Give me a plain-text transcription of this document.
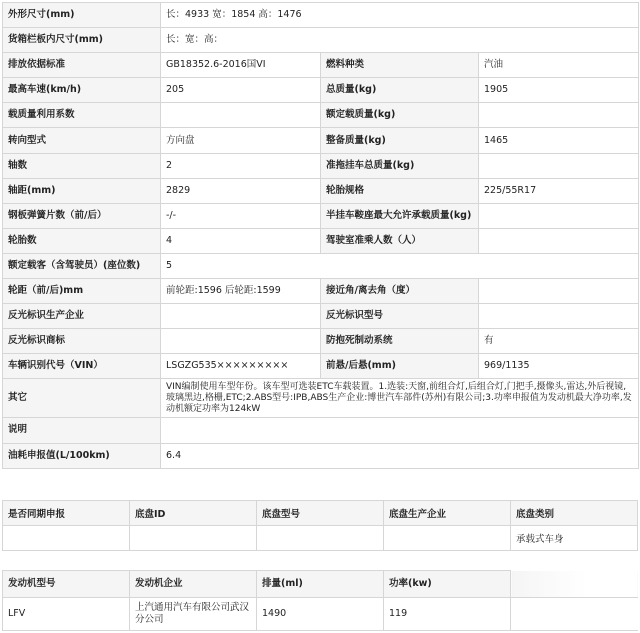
外形尺寸(mm)	长：4933 宽：1854 高：1476		
货箱栏板内尺寸(mm)	长：宽：高：		
排放依据标准	GB18352.6-2016国VI	燃料种类	汽油
最高车速(km/h)	205	总质量(kg)	1905
载质量利用系数		额定载质量(kg)	
转向型式	方向盘	整备质量(kg)	1465
轴数	2	准拖挂车总质量(kg)	
轴距(mm)	2829	轮胎规格	225/55R17
钢板弹簧片数（前/后）	-/-	半挂车鞍座最大允许承载质量(kg)	
轮胎数	4	驾驶室准乘人数（人）	
额定载客（含驾驶员）(座位数)	5		
轮距（前/后)mm	前轮距:1596 后轮距:1599	接近角/离去角（度）	
反光标识生产企业		反光标识型号	
反光标识商标		防抱死制动系统	有
车辆识别代号（VIN）	LSGZG535×××××××××	前悬/后悬(mm)	969/1135
其它	VIN编制使用车型年份。该车型可选装ETC车载装置。1.选装:天窗,前组合灯,后组合灯,门把手,摄像头,雷达,外后视镜,玻璃黑边,格栅,ETC;2.ABS型号:IPB,ABS生产企业:博世汽车部件(苏州)有限公司;3.功率申报值为发动机最大净功率,发动机额定功率为124kW		
说明			
油耗申报值(L/100km)	6.4		
是否同期申报	底盘ID	底盘型号	底盘生产企业	底盘类别
				承载式车身
发动机型号	发动机企业	排量(ml)	功率(kw)	
LFV	上汽通用汽车有限公司武汉分公司	1490	119	
